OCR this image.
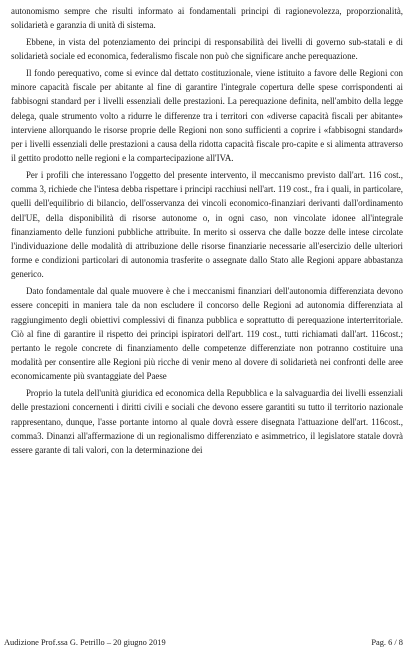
autonomismo sempre che risulti informato ai fondamentali principi di ragionevolezza, proporzionalità, solidarietà e garanzia di unità di sistema.

Ebbene, in vista del potenziamento dei principi di responsabilità dei livelli di governo sub-statali e di solidarietà sociale ed economica, federalismo fiscale non può che significare anche perequazione.

Il fondo perequativo, come si evince dal dettato costituzionale, viene istituito a favore delle Regioni con minore capacità fiscale per abitante al fine di garantire l'integrale copertura delle spese corrispondenti ai fabbisogni standard per i livelli essenziali delle prestazioni. La perequazione definita, nell'ambito della legge delega, quale strumento volto a ridurre le differenze tra i territori con «diverse capacità fiscali per abitante» interviene allorquando le risorse proprie delle Regioni non sono sufficienti a coprire i «fabbisogni standard» per i livelli essenziali delle prestazioni a causa della ridotta capacità fiscale pro-capite e si alimenta attraverso il gettito prodotto nelle regioni e la compartecipazione all'IVA.

Per i profili che interessano l'oggetto del presente intervento, il meccanismo previsto dall'art. 116 cost., comma 3, richiede che l'intesa debba rispettare i principi racchiusi nell'art. 119 cost., fra i quali, in particolare, quelli dell'equilibrio di bilancio, dell'osservanza dei vincoli economico-finanziari derivanti dall'ordinamento dell'UE, della disponibilità di risorse autonome o, in ogni caso, non vincolate idonee all'integrale finanziamento delle funzioni pubbliche attribuite. In merito si osserva che dalle bozze delle intese circolate l'individuazione delle modalità di attribuzione delle risorse finanziarie necessarie all'esercizio delle ulteriori forme e condizioni particolari di autonomia trasferite o assegnate dallo Stato alle Regioni appare abbastanza generico.

Dato fondamentale dal quale muovere è che i meccanismi finanziari dell'autonomia differenziata devono essere concepiti in maniera tale da non escludere il concorso delle Regioni ad autonomia differenziata al raggiungimento degli obiettivi complessivi di finanza pubblica e soprattutto di perequazione interterritoriale. Ciò al fine di garantire il rispetto dei principi ispiratori dell'art. 119 cost., tutti richiamati dall'art. 116cost.; pertanto le regole concrete di finanziamento delle competenze differenziate non potranno costituire una modalità per consentire alle Regioni più ricche di venir meno al dovere di solidarietà nei confronti delle aree economicamente più svantaggiate del Paese

Proprio la tutela dell'unità giuridica ed economica della Repubblica e la salvaguardia dei livelli essenziali delle prestazioni concernenti i diritti civili e sociali che devono essere garantiti su tutto il territorio nazionale rappresentano, dunque, l'asse portante intorno al quale dovrà essere disegnata l'attuazione dell'art. 116cost., comma3. Dinanzi all'affermazione di un regionalismo differenziato e asimmetrico, il legislatore statale dovrà essere garante di tali valori, con la determinazione dei

Audizione Prof.ssa G. Petrillo – 20 giugno 2019	Pag. 6 / 8
